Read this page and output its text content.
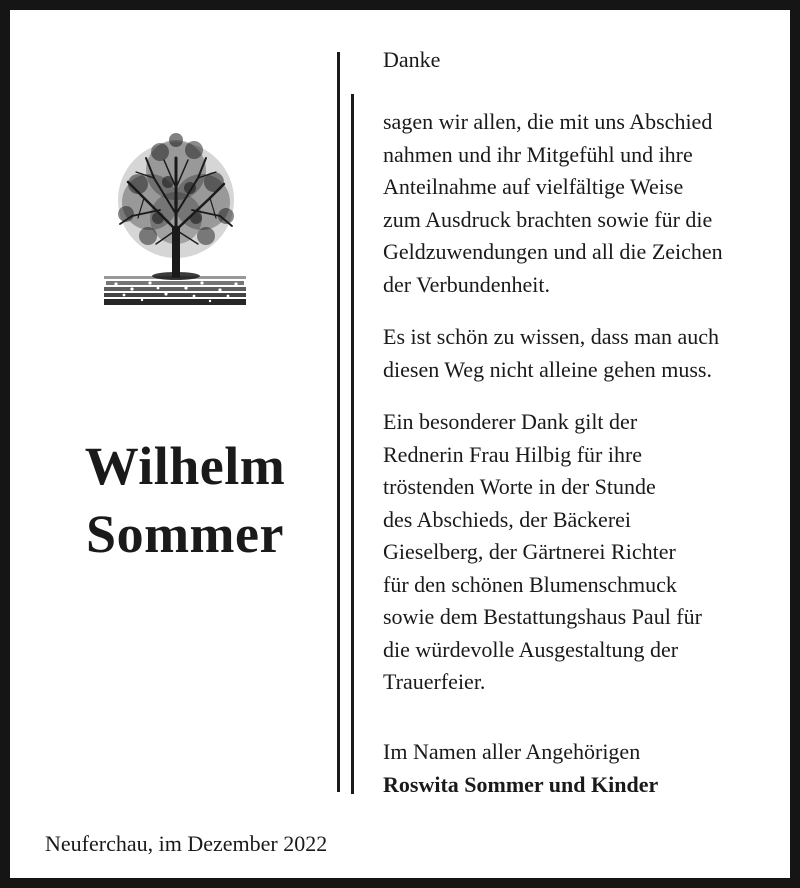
Wilhelm
Sommer
Neuferchau, im Dezember 2022
Danke
sagen wir allen, die mit uns Abschied
nahmen und ihr Mitgefühl und ihre
Anteilnahme auf vielfältige Weise
zum Ausdruck brachten sowie für die
Geldzuwendungen und all die Zeichen
der Verbundenheit.
Es ist schön zu wissen, dass man auch
diesen Weg nicht alleine gehen muss.
Ein besonderer Dank gilt der
Rednerin Frau Hilbig für ihre
tröstenden Worte in der Stunde
des Abschieds, der Bäckerei
Gieselberg, der Gärtnerei Richter
für den schönen Blumenschmuck
sowie dem Bestattungshaus Paul für
die würdevolle Ausgestaltung der
Trauerfeier.
Im Namen aller Angehörigen
Roswita Sommer und Kinder
